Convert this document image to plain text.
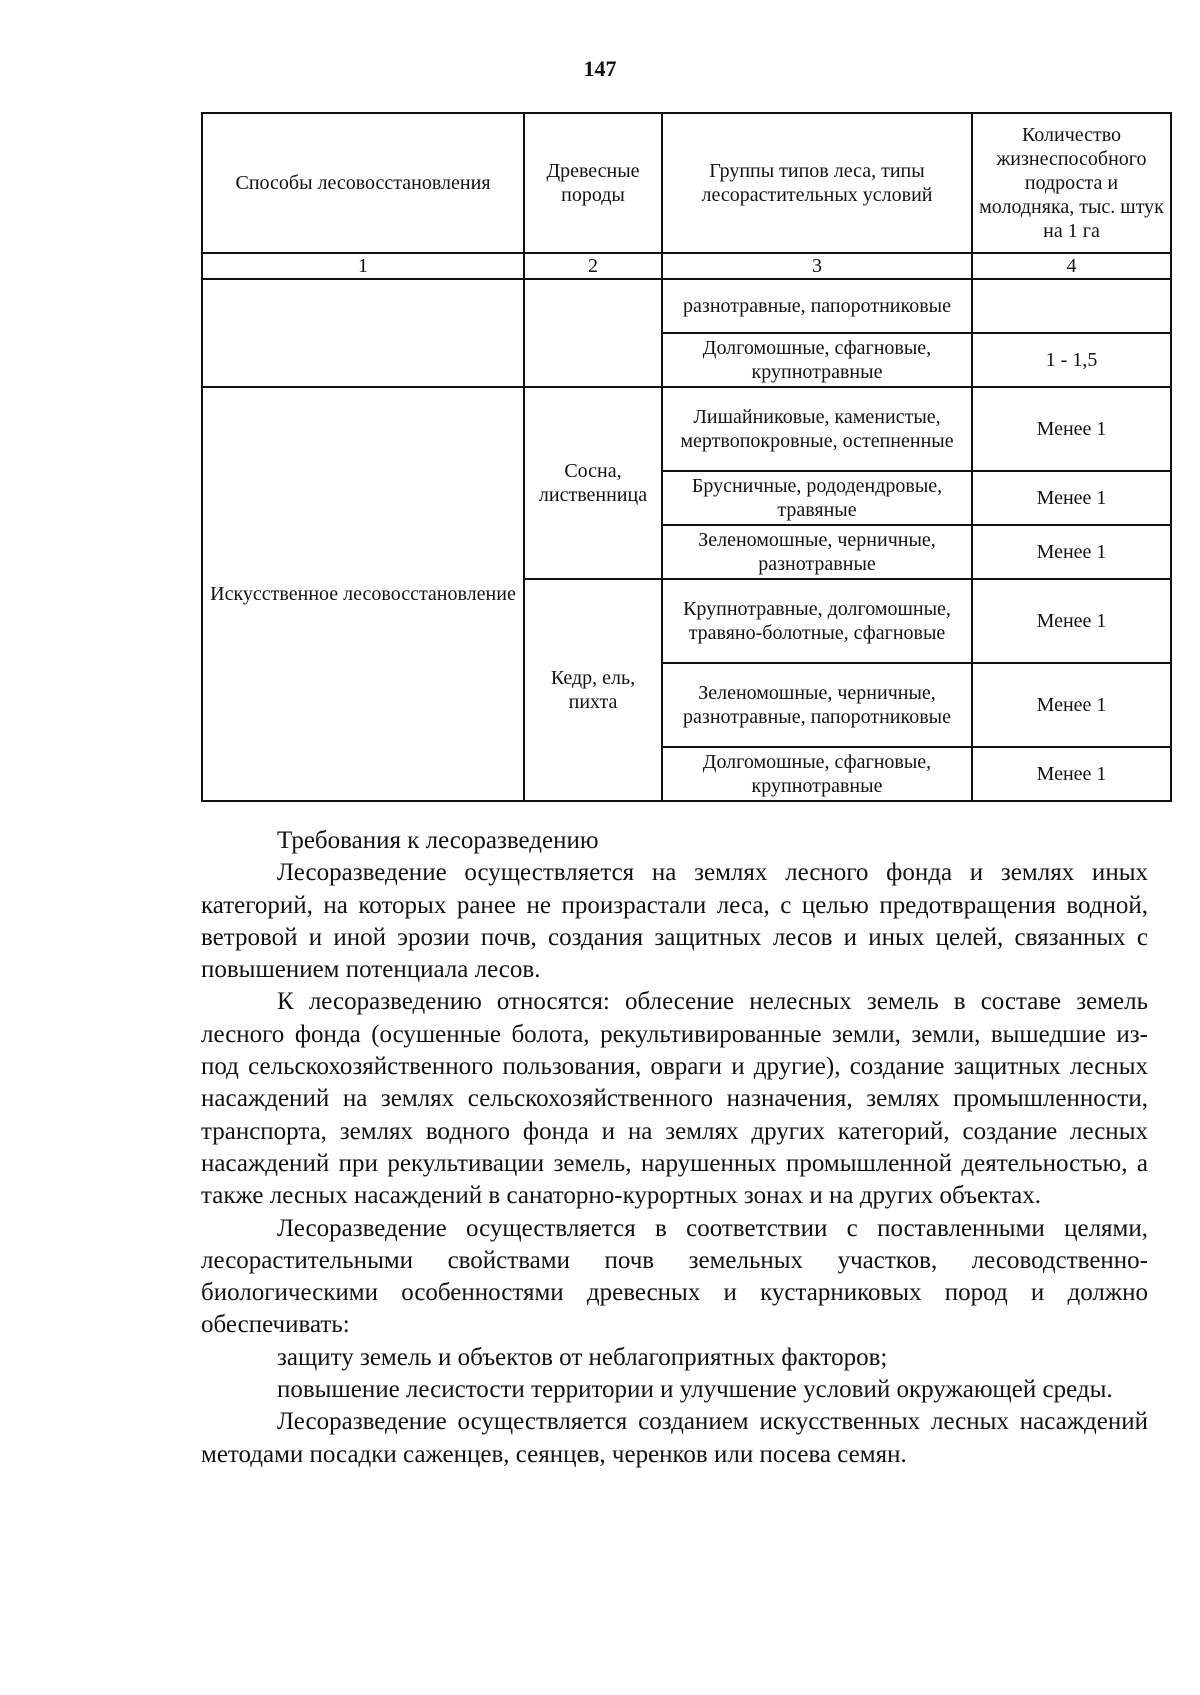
147
Способы лесовосстановления	Древесные породы	Группы типов леса, типы лесорастительных условий	Количество жизнеспособного подроста и молодняка, тыс. штук на 1 га
1	2	3	4
		разнотравные, папоротниковые	
		Долгомошные, сфагновые, крупнотравные	1 - 1,5
Искусственное лесовосстановление	Сосна, лиственница	Лишайниковые, каменистые, мертвопокровные, остепненные	Менее 1
		Брусничные, рододендровые, травяные	Менее 1
		Зеленомошные, черничные, разнотравные	Менее 1
	Кедр, ель, пихта	Крупнотравные, долгомошные, травяно-болотные, сфагновые	Менее 1
		Зеленомошные, черничные, разнотравные, папоротниковые	Менее 1
		Долгомошные, сфагновые, крупнотравные	Менее 1

Требования к лесоразведению

Лесоразведение осуществляется на землях лесного фонда и землях иных категорий, на которых ранее не произрастали леса, с целью предотвращения водной, ветровой и иной эрозии почв, создания защитных лесов и иных целей, связанных с повышением потенциала лесов.

К лесоразведению относятся: облесение нелесных земель в составе земель лесного фонда (осушенные болота, рекультивированные земли, земли, вышедшие из-под сельскохозяйственного пользования, овраги и другие), создание защитных лесных насаждений на землях сельскохозяйственного назначения, землях промышленности, транспорта, землях водного фонда и на землях других категорий, создание лесных насаждений при рекультивации земель, нарушенных промышленной деятельностью, а также лесных насаждений в санаторно-курортных зонах и на других объектах.

Лесоразведение осуществляется в соответствии с поставленными целями, лесорастительными свойствами почв земельных участков, лесоводственно-биологическими особенностями древесных и кустарниковых пород и должно обеспечивать:

защиту земель и объектов от неблагоприятных факторов;

повышение лесистости территории и улучшение условий окружающей среды.

Лесоразведение осуществляется созданием искусственных лесных насаждений методами посадки саженцев, сеянцев, черенков или посева семян.
